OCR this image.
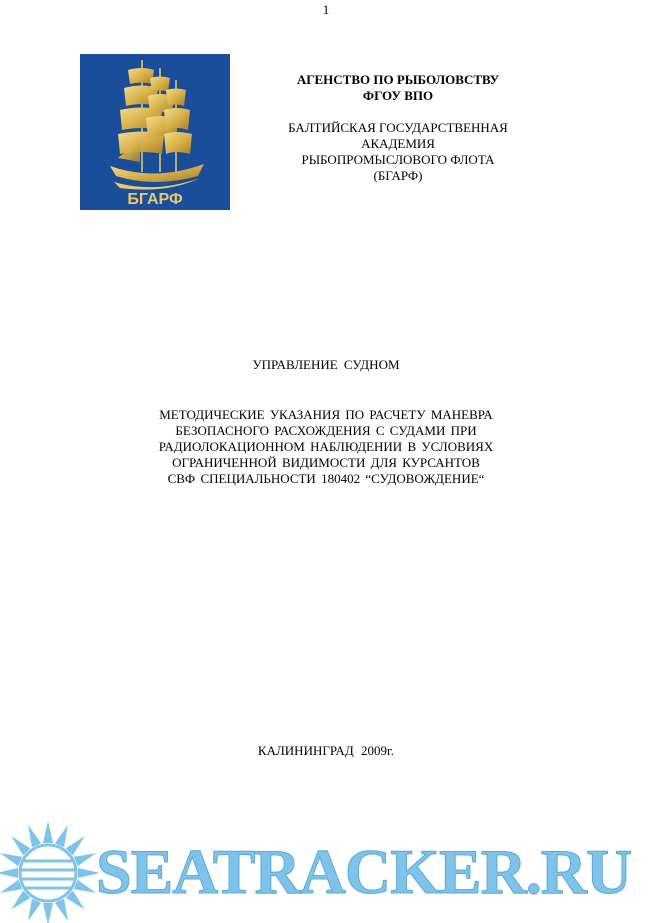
1
БГАРФ
АГЕНСТВО ПО РЫБОЛОВСТВУ
ФГОУ ВПО
БАЛТИЙСКАЯ ГОСУДАРСТВЕННАЯ
АКАДЕМИЯ
РЫБОПРОМЫСЛОВОГО ФЛОТА
(БГАРФ)
УПРАВЛЕНИЕ СУДНОМ
МЕТОДИЧЕСКИЕ УКАЗАНИЯ ПО РАСЧЕТУ МАНЕВРА
БЕЗОПАСНОГО РАСХОЖДЕНИЯ С СУДАМИ ПРИ
РАДИОЛОКАЦИОННОМ НАБЛЮДЕНИИ В УСЛОВИЯХ
ОГРАНИЧЕННОЙ ВИДИМОСТИ ДЛЯ КУРСАНТОВ
СВФ СПЕЦИАЛЬНОСТИ 180402 “СУДОВОЖДЕНИЕ“
КАЛИНИНГРАД 2009г.
SEATRACKER.RU
